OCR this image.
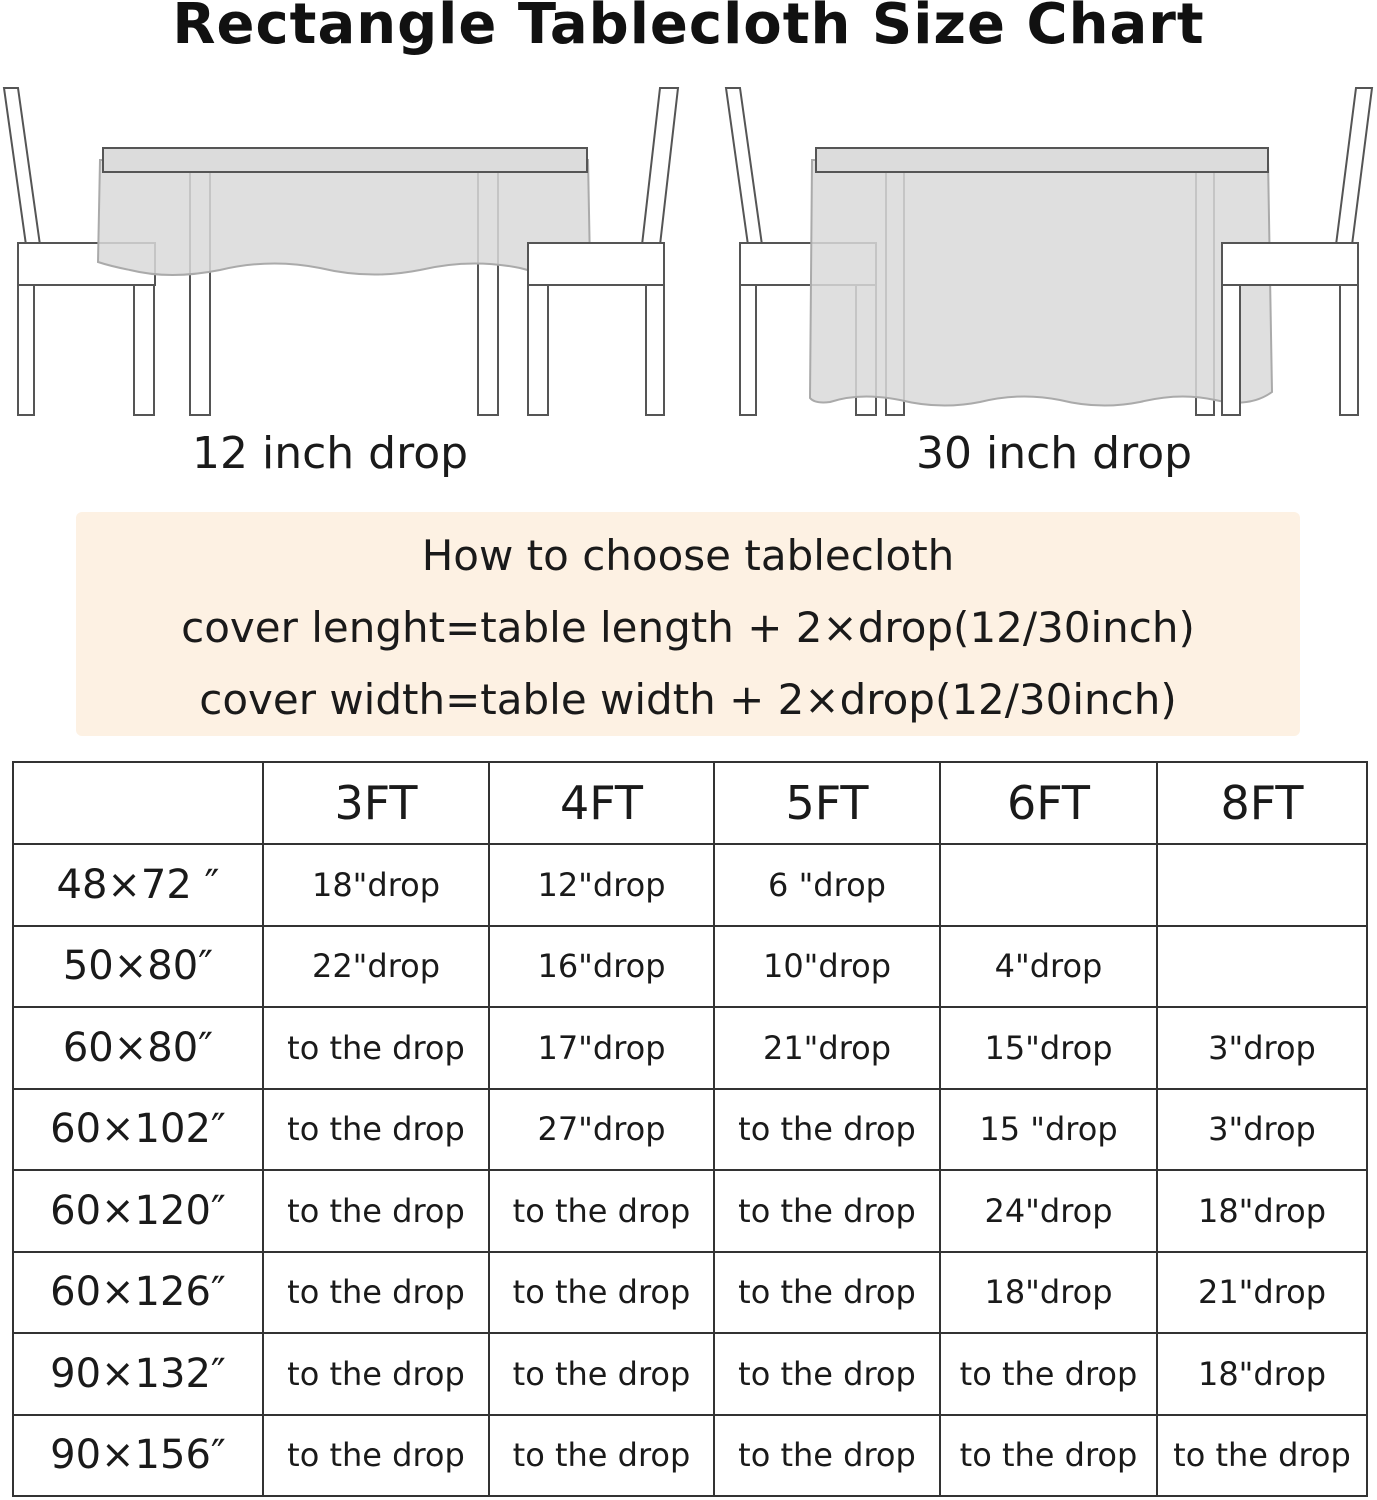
Rectangle Tablecloth Size Chart
12 inch drop	30 inch drop
How to choose tablecloth
cover lenght=table length + 2×drop(12/30inch)
cover width=table width + 2×drop(12/30inch)
	3FT	4FT	5FT	6FT	8FT
48×72 ″	18"drop	12"drop	6 "drop		
50×80″	22"drop	16"drop	10"drop	4"drop	
60×80″	to the drop	17"drop	21"drop	15"drop	3"drop
60×102″	to the drop	27"drop	to the drop	15 "drop	3"drop
60×120″	to the drop	to the drop	to the drop	24"drop	18"drop
60×126″	to the drop	to the drop	to the drop	18"drop	21"drop
90×132″	to the drop	to the drop	to the drop	to the drop	18"drop
90×156″	to the drop	to the drop	to the drop	to the drop	to the drop
